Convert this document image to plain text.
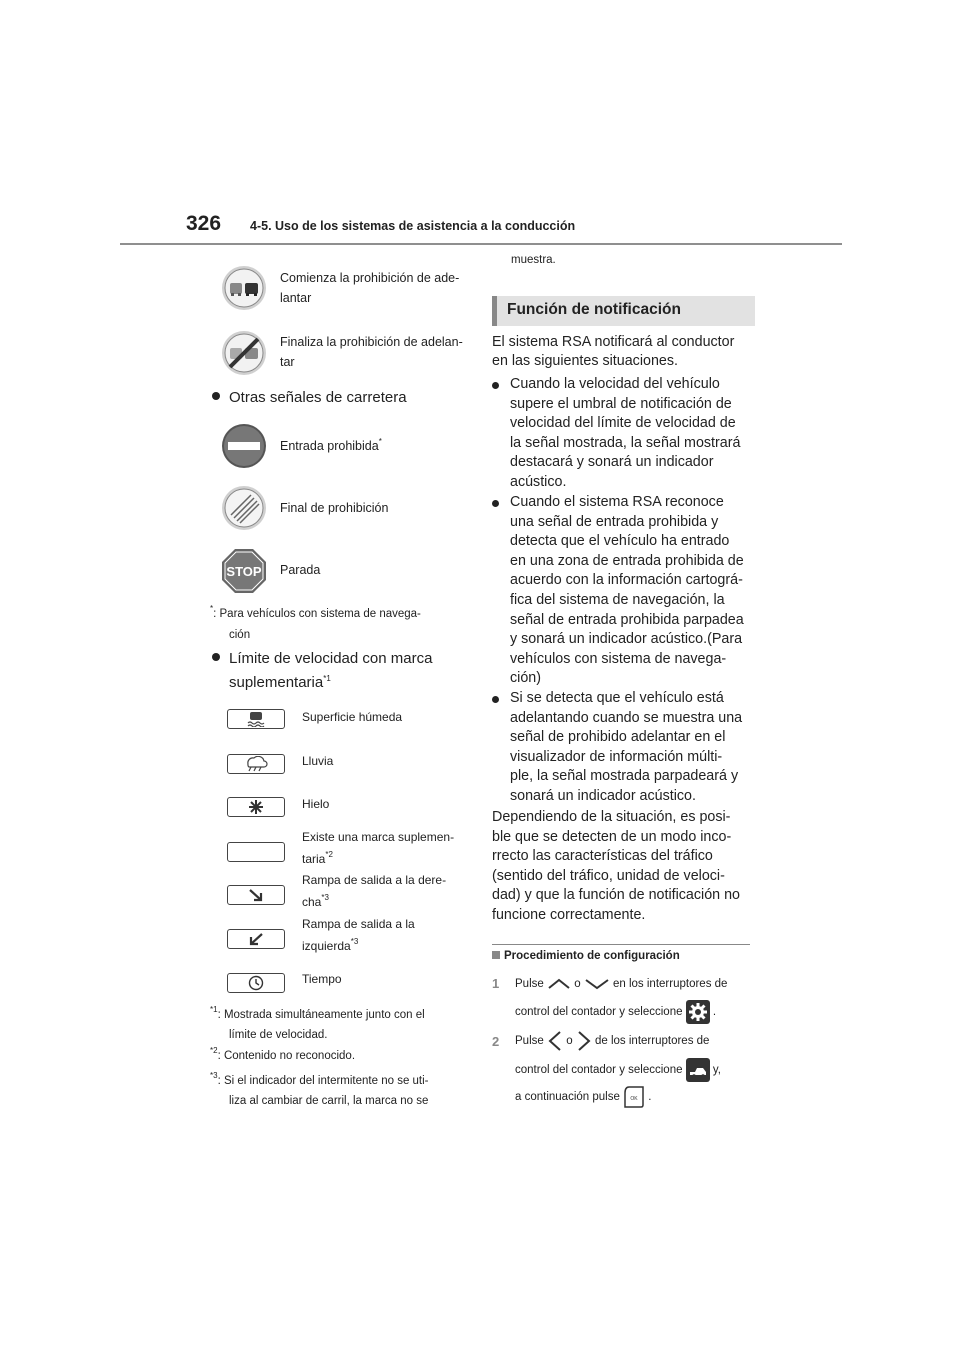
326 4-5. Uso de los sistemas de asistencia a la conducción
Comienza la prohibición de ade-
lantar
Finaliza la prohibición de adelan-
tar
Otras señales de carretera
Entrada prohibida*
Final de prohibición
STOP Parada
*: Para vehículos con sistema de navega-
ción
Límite de velocidad con marca
suplementaria$^{*1}$
Superficie húmeda
Lluvia
Hielo
Existe una marca suplemen-
taria$^{*2}$
Rampa de salida a la dere-
cha$^{*3}$
Rampa de salida a la
izquierda$^{*3}$
Tiempo
$^{*1}$: Mostrada simultáneamente junto con el
límite de velocidad.
$^{*2}$: Contenido no reconocido.
$^{*3}$: Si el indicador del intermitente no se uti-
liza al cambiar de carril, la marca no se
muestra.
Función de notificación
El sistema RSA notificará al conductor
en las siguientes situaciones.
Cuando la velocidad del vehículo
supere el umbral de notificación de
velocidad del límite de velocidad de
la señal mostrada, la señal mostrará
destacará y sonará un indicador
acústico.
Cuando el sistema RSA reconoce
una señal de entrada prohibida y
detecta que el vehículo ha entrado
en una zona de entrada prohibida de
acuerdo con la información cartográ-
fica del sistema de navegación, la
señal de entrada prohibida parpadea
y sonará un indicador acústico.(Para
vehículos con sistema de navega-
ción)
Si se detecta que el vehículo está
adelantando cuando se muestra una
señal de prohibido adelantar en el
visualizador de información múlti-
ple, la señal mostrada parpadeará y
sonará un indicador acústico.
Dependiendo de la situación, es posi-
ble que se detecten de un modo inco-
rrecto las características del tráfico
(sentido del tráfico, unidad de veloci-
dad) y que la función de notificación no
funcione correctamente.
Procedimiento de configuración
1 Pulse	o	en los interruptores de
control del contador y seleccione	.
2 Pulse o de los interruptores de
control del contador y seleccione	y,
a continuación pulse OK .
